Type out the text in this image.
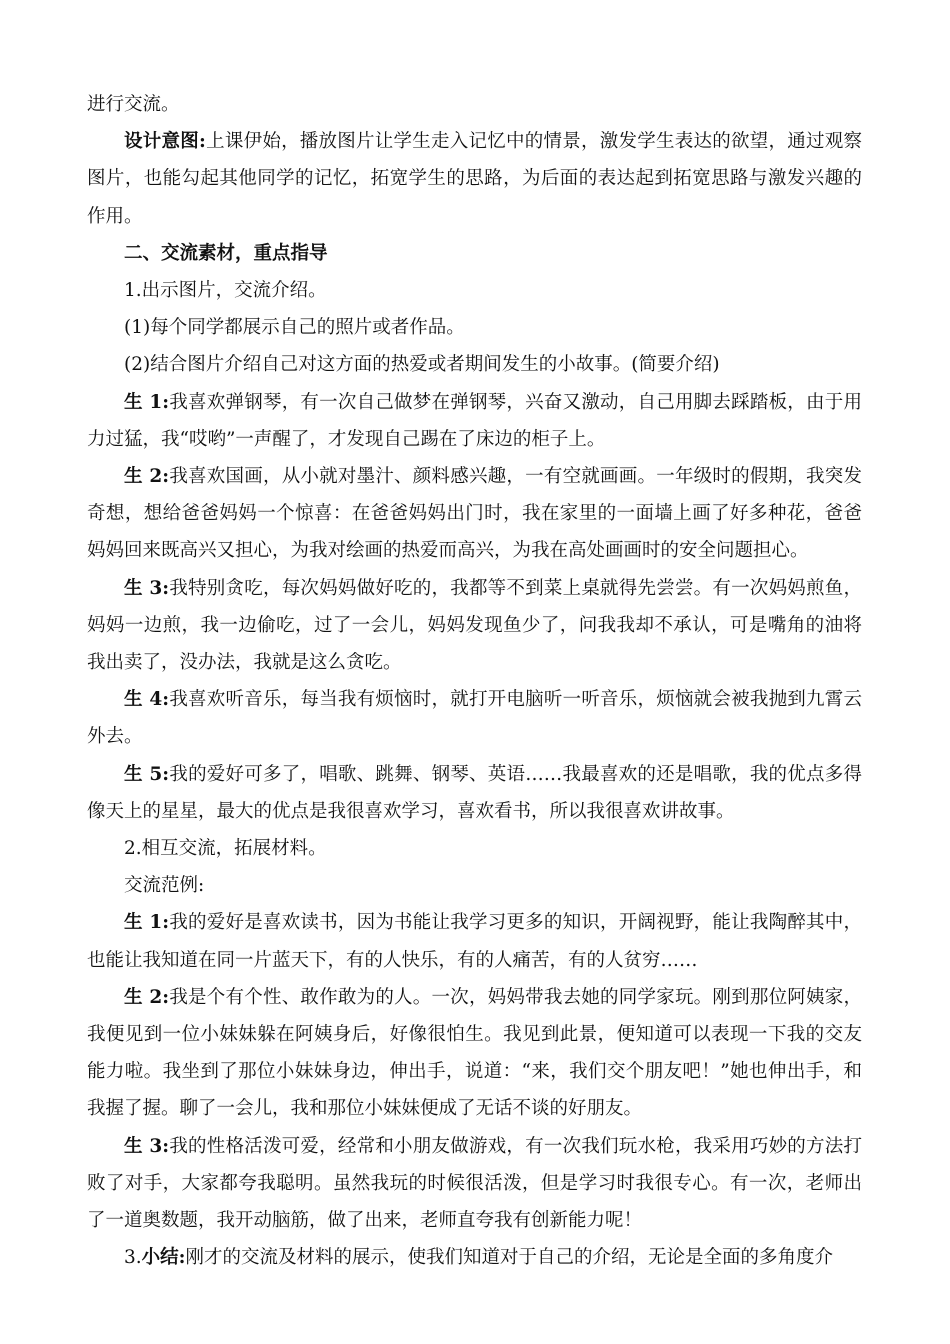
进行交流。

设计意图:上课伊始，播放图片让学生走入记忆中的情景，激发学生表达的欲望，通过观察图片，也能勾起其他同学的记忆，拓宽学生的思路，为后面的表达起到拓宽思路与激发兴趣的作用。

二、交流素材，重点指导

1.出示图片，交流介绍。

(1)每个同学都展示自己的照片或者作品。

(2)结合图片介绍自己对这方面的热爱或者期间发生的小故事。(简要介绍)

生 1:我喜欢弹钢琴，有一次自己做梦在弹钢琴，兴奋又激动，自己用脚去踩踏板，由于用力过猛，我“哎哟”一声醒了，才发现自己踢在了床边的柜子上。

生 2:我喜欢国画，从小就对墨汁、颜料感兴趣，一有空就画画。一年级时的假期，我突发奇想，想给爸爸妈妈一个惊喜：在爸爸妈妈出门时，我在家里的一面墙上画了好多种花，爸爸妈妈回来既高兴又担心，为我对绘画的热爱而高兴，为我在高处画画时的安全问题担心。

生 3:我特别贪吃，每次妈妈做好吃的，我都等不到菜上桌就得先尝尝。有一次妈妈煎鱼，妈妈一边煎，我一边偷吃，过了一会儿，妈妈发现鱼少了，问我我却不承认，可是嘴角的油将我出卖了，没办法，我就是这么贪吃。

生 4:我喜欢听音乐，每当我有烦恼时，就打开电脑听一听音乐，烦恼就会被我抛到九霄云外去。

生 5:我的爱好可多了，唱歌、跳舞、钢琴、英语……我最喜欢的还是唱歌，我的优点多得像天上的星星，最大的优点是我很喜欢学习，喜欢看书，所以我很喜欢讲故事。

2.相互交流，拓展材料。

交流范例:

生 1:我的爱好是喜欢读书，因为书能让我学习更多的知识，开阔视野，能让我陶醉其中，也能让我知道在同一片蓝天下，有的人快乐，有的人痛苦，有的人贫穷……

生 2:我是个有个性、敢作敢为的人。一次，妈妈带我去她的同学家玩。刚到那位阿姨家，我便见到一位小妹妹躲在阿姨身后，好像很怕生。我见到此景，便知道可以表现一下我的交友能力啦。我坐到了那位小妹妹身边，伸出手，说道：“来，我们交个朋友吧！”她也伸出手，和我握了握。聊了一会儿，我和那位小妹妹便成了无话不谈的好朋友。

生 3:我的性格活泼可爱，经常和小朋友做游戏，有一次我们玩水枪，我采用巧妙的方法打败了对手，大家都夸我聪明。虽然我玩的时候很活泼，但是学习时我很专心。有一次，老师出了一道奥数题，我开动脑筋，做了出来，老师直夸我有创新能力呢！

3.小结:刚才的交流及材料的展示，使我们知道对于自己的介绍，无论是全面的多角度介
